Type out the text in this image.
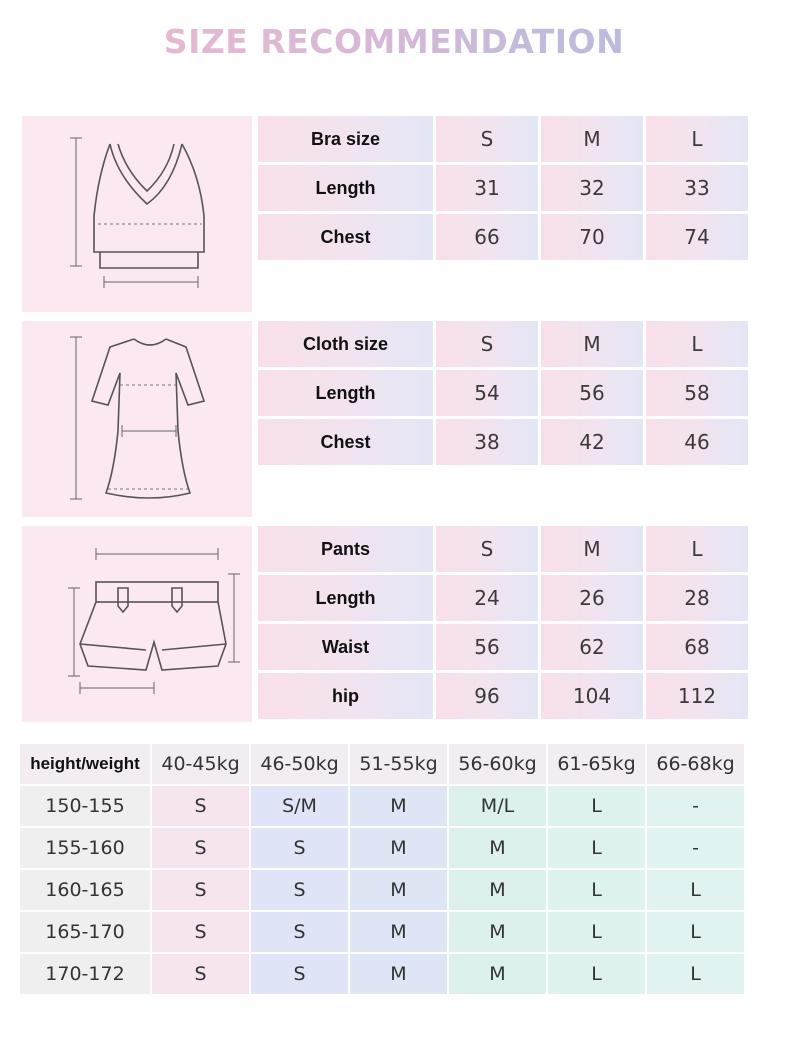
SIZE RECOMMENDATION
Bra size	S	M	L
Length	31	32	33
Chest	66	70	74
Cloth size	S	M	L
Length	54	56	58
Chest	38	42	46
Pants	S	M	L
Length	24	26	28
Waist	56	62	68
hip	96	104	112
height/weight	40-45kg	46-50kg	51-55kg	56-60kg	61-65kg	66-68kg
150-155	S	S/M	M	M/L	L	-
155-160	S	S	M	M	L	-
160-165	S	S	M	M	L	L
165-170	S	S	M	M	L	L
170-172	S	S	M	M	L	L
